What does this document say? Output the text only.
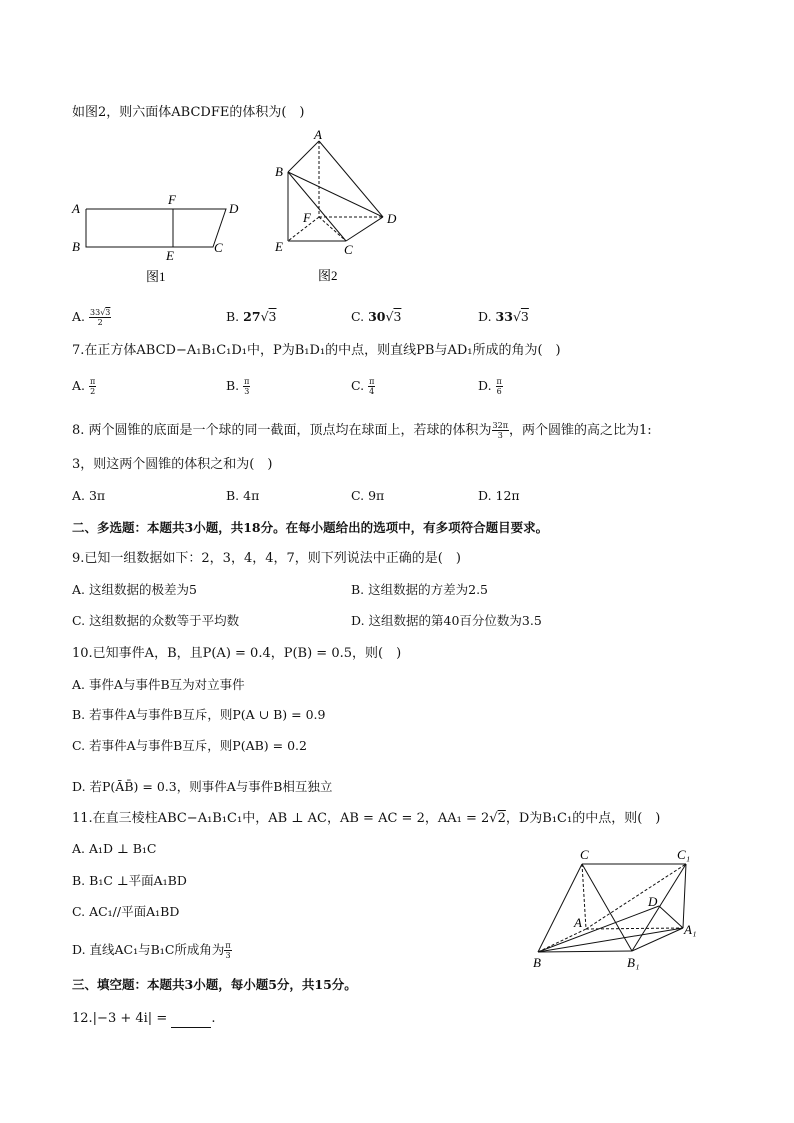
如图2，则六面体ABCDFE的体积为(　)
A
F
D
B
E
C
图1
A
B
F	D
E	C
图2
A. $\frac{33√3}{2}$	B. 27√3	C. 30√3	D. 33√3
7.在正方体ABCD−A₁B₁C₁D₁中，P为B₁D₁的中点，则直线PB与AD₁所成的角为(　)
A. $\frac{\pi}{2}$	B. $\frac{\pi}{3}$	C. $\frac{\pi}{4}$	D. $\frac{\pi}{6}$
8. 两个圆锥的底面是一个球的同一截面，顶点均在球面上，若球的体积为 $\frac{32\pi}{3}$ ，两个圆锥的高之比为1:
3，则这两个圆锥的体积之和为(　)
A. 3π	B. 4π	C. 9π	D. 12π
二、多选题：本题共3小题，共18分。在每小题给出的选项中，有多项符合题目要求。
9.已知一组数据如下：2，3，4，4，7，则下列说法中正确的是(　)
A. 这组数据的极差为5	B. 这组数据的方差为2.5
C. 这组数据的众数等于平均数	D. 这组数据的第40百分位数为3.5
10.已知事件A，B，且P(A) = 0.4，P(B) = 0.5，则(　)
A. 事件A与事件B互为对立事件
B. 若事件A与事件B互斥，则P(A ∪ B) = 0.9
C. 若事件A与事件B互斥，则P(AB) = 0.2
D. 若P(ĀB̄) = 0.3，则事件A与事件B相互独立
11.在直三棱柱ABC−A₁B₁C₁中，AB ⊥ AC，AB = AC = 2，AA₁ = 2√2，D为B₁C₁的中点，则(　)
A. A₁D ⊥ B₁C
B. B₁C ⊥平面A₁BD
C. AC₁//平面A₁BD
D. 直线AC₁与B₁C所成角为 $\frac{\pi}{3}$
C	C₁
D
A	A₁
B	B₁
三、填空题：本题共3小题，每小题5分，共15分。
12.|−3 + 4i| =	.
